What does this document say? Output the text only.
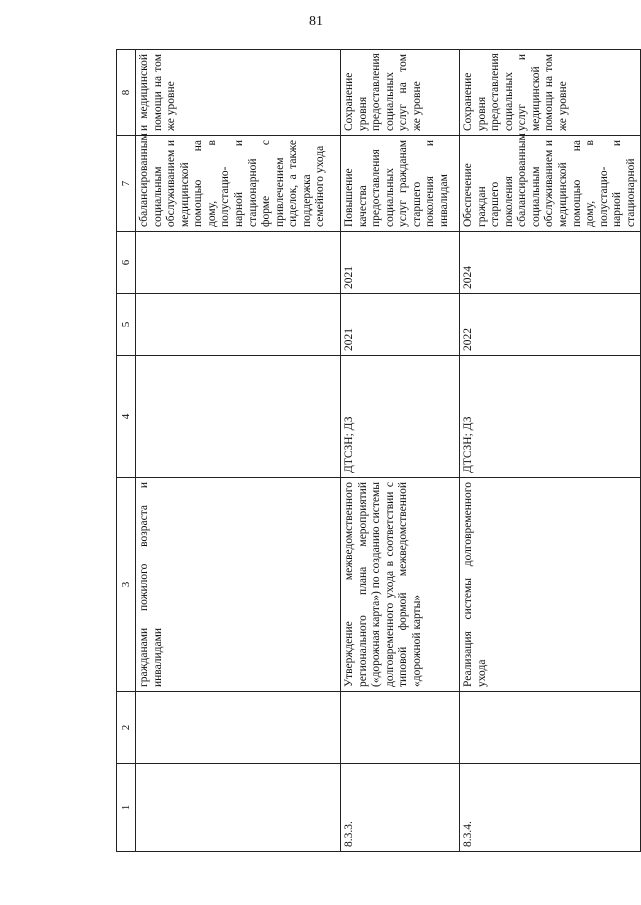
81
1	2	3	4	5	6	7	8
		гражданами пожилого возраста и инвалидами				сбалансированным социальным обслуживанием и медицинской помощью на дому, в полустацио-нарной и стационарной форме с привлечением сиделок, а также поддержка семейного ухода	и медицинской помощи на том же уровне
8.3.3.		Утверждение межведомственного регионального плана мероприятий («дорожная карта») по созданию системы долговременного ухода в соответствии с типовой формой межведомственной «дорожной карты»	ДТСЗН; ДЗ	2021	2021	Повышение качества предоставления социальных услуг гражданам старшего поколения и инвалидам	Сохранение уровня предоставления социальных услуг на том же уровне
8.3.4.		Реализация системы долговременного ухода	ДТСЗН; ДЗ	2022	2024	Обеспечение граждан старшего поколения сбалансированным социальным обслуживанием и медицинской помощью на дому, в полустацио-нарной и стационарной	Сохранение уровня предоставления социальных услуг и медицинской помощи на том же уровне
